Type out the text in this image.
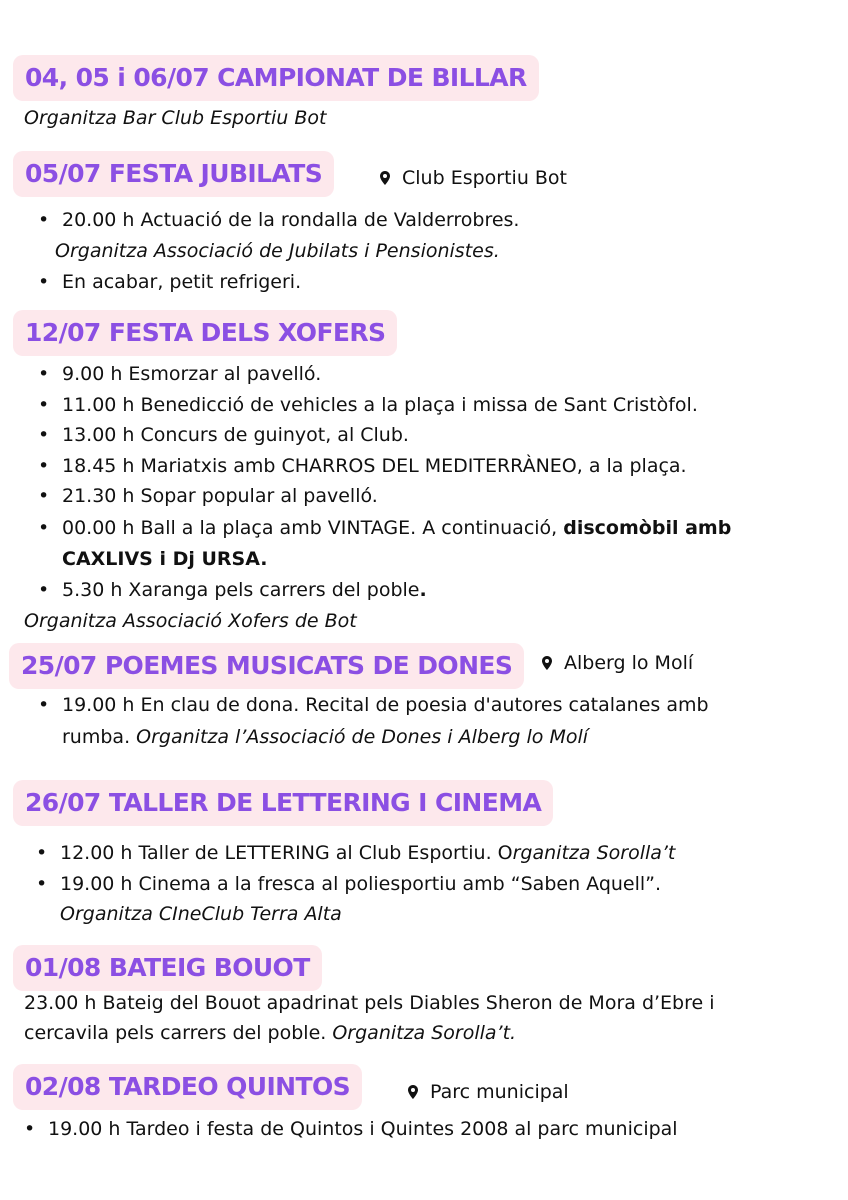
04, 05 i 06/07 CAMPIONAT DE BILLAR
Organitza Bar Club Esportiu Bot
05/07 FESTA JUBILATS	Club Esportiu Bot
• 20.00 h Actuació de la rondalla de Valderrobres.
Organitza Associació de Jubilats i Pensionistes.
• En acabar, petit refrigeri.
12/07 FESTA DELS XOFERS
• 9.00 h Esmorzar al pavelló.
• 11.00 h Benedicció de vehicles a la plaça i missa de Sant Cristòfol.
• 13.00 h Concurs de guinyot, al Club.
• 18.45 h Mariatxis amb CHARROS DEL MEDITERRÀNEO, a la plaça.
• 21.30 h Sopar popular al pavelló.
• 00.00 h Ball a la plaça amb VINTAGE. A continuació, discomòbil amb
CAXLIVS i Dj URSA.
• 5.30 h Xaranga pels carrers del poble.
Organitza Associació Xofers de Bot
25/07 POEMES MUSICATS DE DONES	Alberg lo Molí
• 19.00 h En clau de dona. Recital de poesia d'autores catalanes amb
rumba. Organitza l’Associació de Dones i Alberg lo Molí
26/07 TALLER DE LETTERING I CINEMA
• 12.00 h Taller de LETTERING al Club Esportiu. Organitza Sorolla’t
• 19.00 h Cinema a la fresca al poliesportiu amb “Saben Aquell”.
Organitza CIneClub Terra Alta
01/08 BATEIG BOUOT
23.00 h Bateig del Bouot apadrinat pels Diables Sheron de Mora d’Ebre i
cercavila pels carrers del poble. Organitza Sorolla’t.
02/08 TARDEO QUINTOS	Parc municipal
• 19.00 h Tardeo i festa de Quintos i Quintes 2008 al parc municipal
